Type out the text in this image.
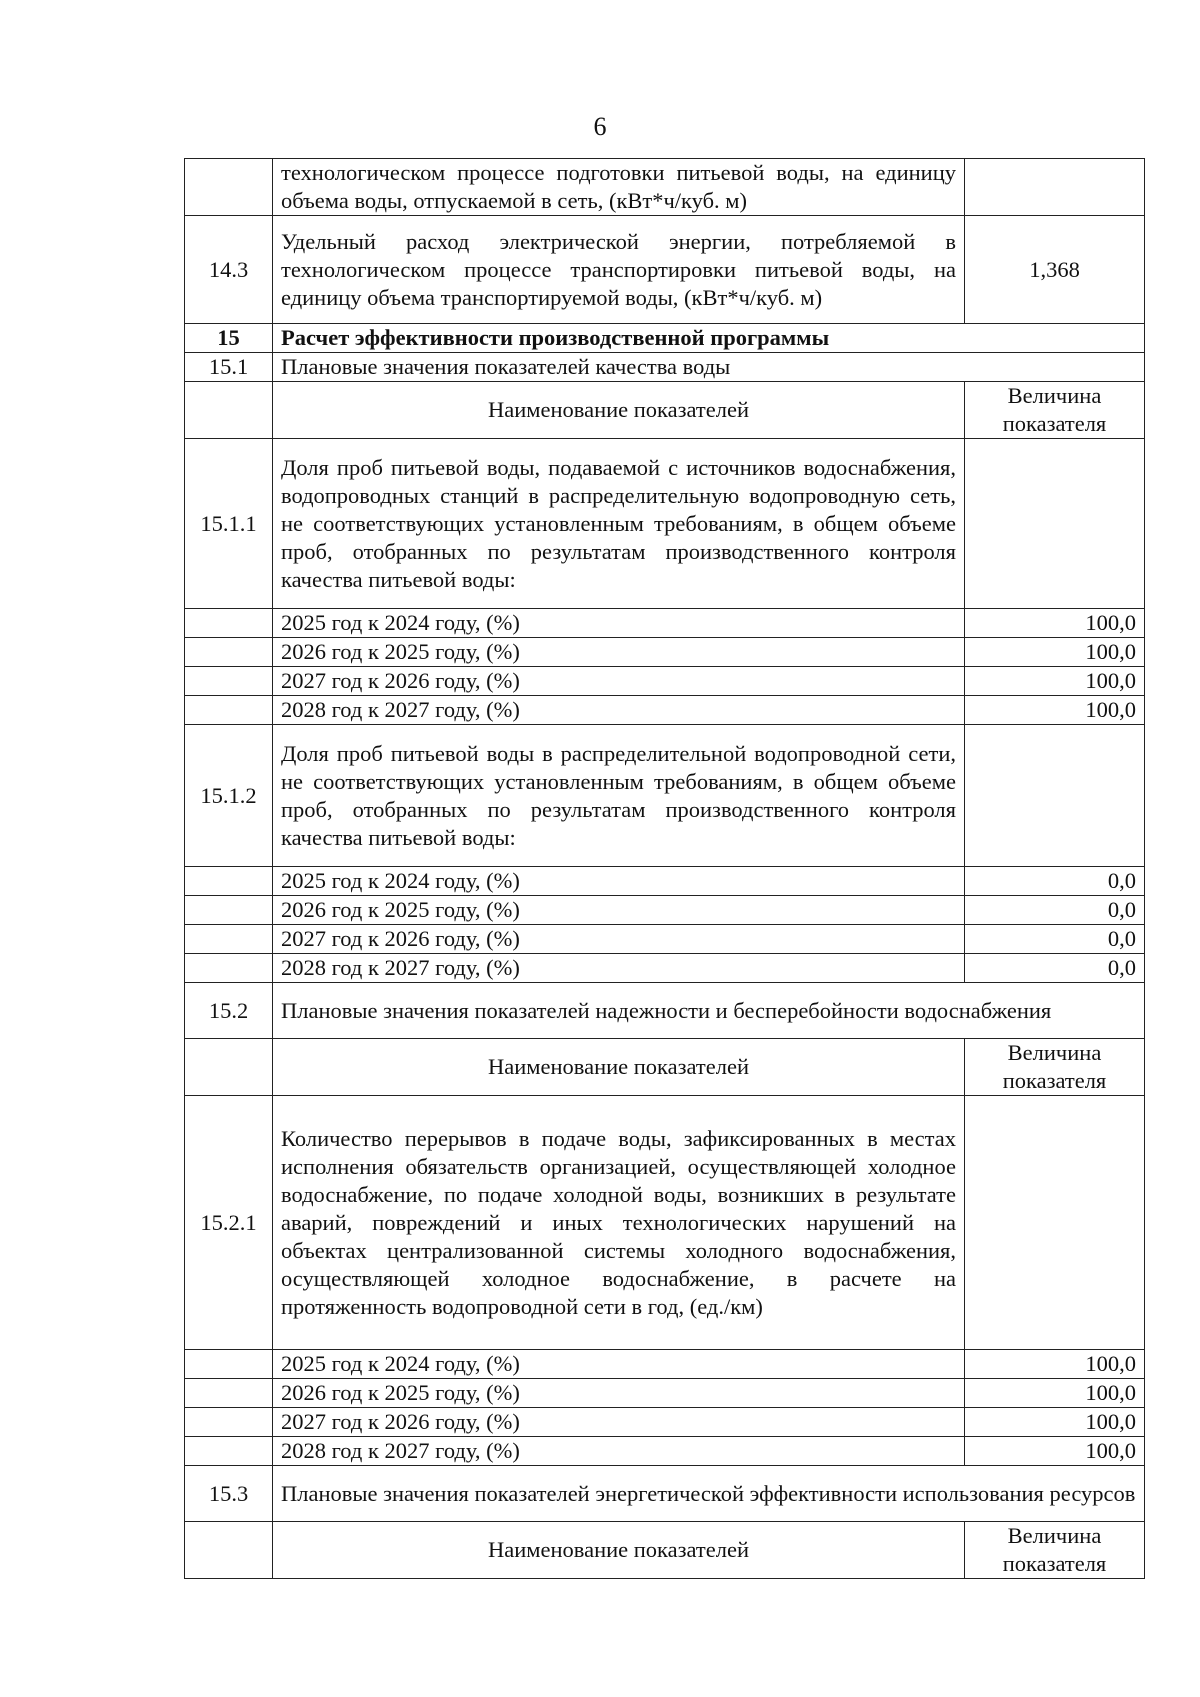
6
	технологическом процессе подготовки питьевой воды, на единицу объема воды, отпускаемой в сеть, (кВт*ч/куб. м)	
14.3	Удельный расход электрической энергии, потребляемой в технологическом процессе транспортировки питьевой воды, на единицу объема транспортируемой воды, (кВт*ч/куб. м)	1,368
15	Расчет эффективности производственной программы	
15.1	Плановые значения показателей качества воды	
	Наименование показателей	Величина показателя
15.1.1	Доля проб питьевой воды, подаваемой с источников водоснабжения, водопроводных станций в распределительную водопроводную сеть, не соответствующих установленным требованиям, в общем объеме проб, отобранных по результатам производственного контроля качества питьевой воды:	
	2025 год к 2024 году, (%)	100,0
	2026 год к 2025 году, (%)	100,0
	2027 год к 2026 году, (%)	100,0
	2028 год к 2027 году, (%)	100,0
15.1.2	Доля проб питьевой воды в распределительной водопроводной сети, не соответствующих установленным требованиям, в общем объеме проб, отобранных по результатам производственного контроля качества питьевой воды:	
	2025 год к 2024 году, (%)	0,0
	2026 год к 2025 году, (%)	0,0
	2027 год к 2026 году, (%)	0,0
	2028 год к 2027 году, (%)	0,0
15.2	Плановые значения показателей надежности и бесперебойности водоснабжения	
	Наименование показателей	Величина показателя
15.2.1	Количество перерывов в подаче воды, зафиксированных в местах исполнения обязательств организацией, осуществляющей холодное водоснабжение, по подаче холодной воды, возникших в результате аварий, повреждений и иных технологических нарушений на объектах централизованной системы холодного водоснабжения, осуществляющей холодное водоснабжение, в расчете на протяженность водопроводной сети в год, (ед./км)	
	2025 год к 2024 году, (%)	100,0
	2026 год к 2025 году, (%)	100,0
	2027 год к 2026 году, (%)	100,0
	2028 год к 2027 году, (%)	100,0
15.3	Плановые значения показателей энергетической эффективности использования ресурсов	
	Наименование показателей	Величина показателя
